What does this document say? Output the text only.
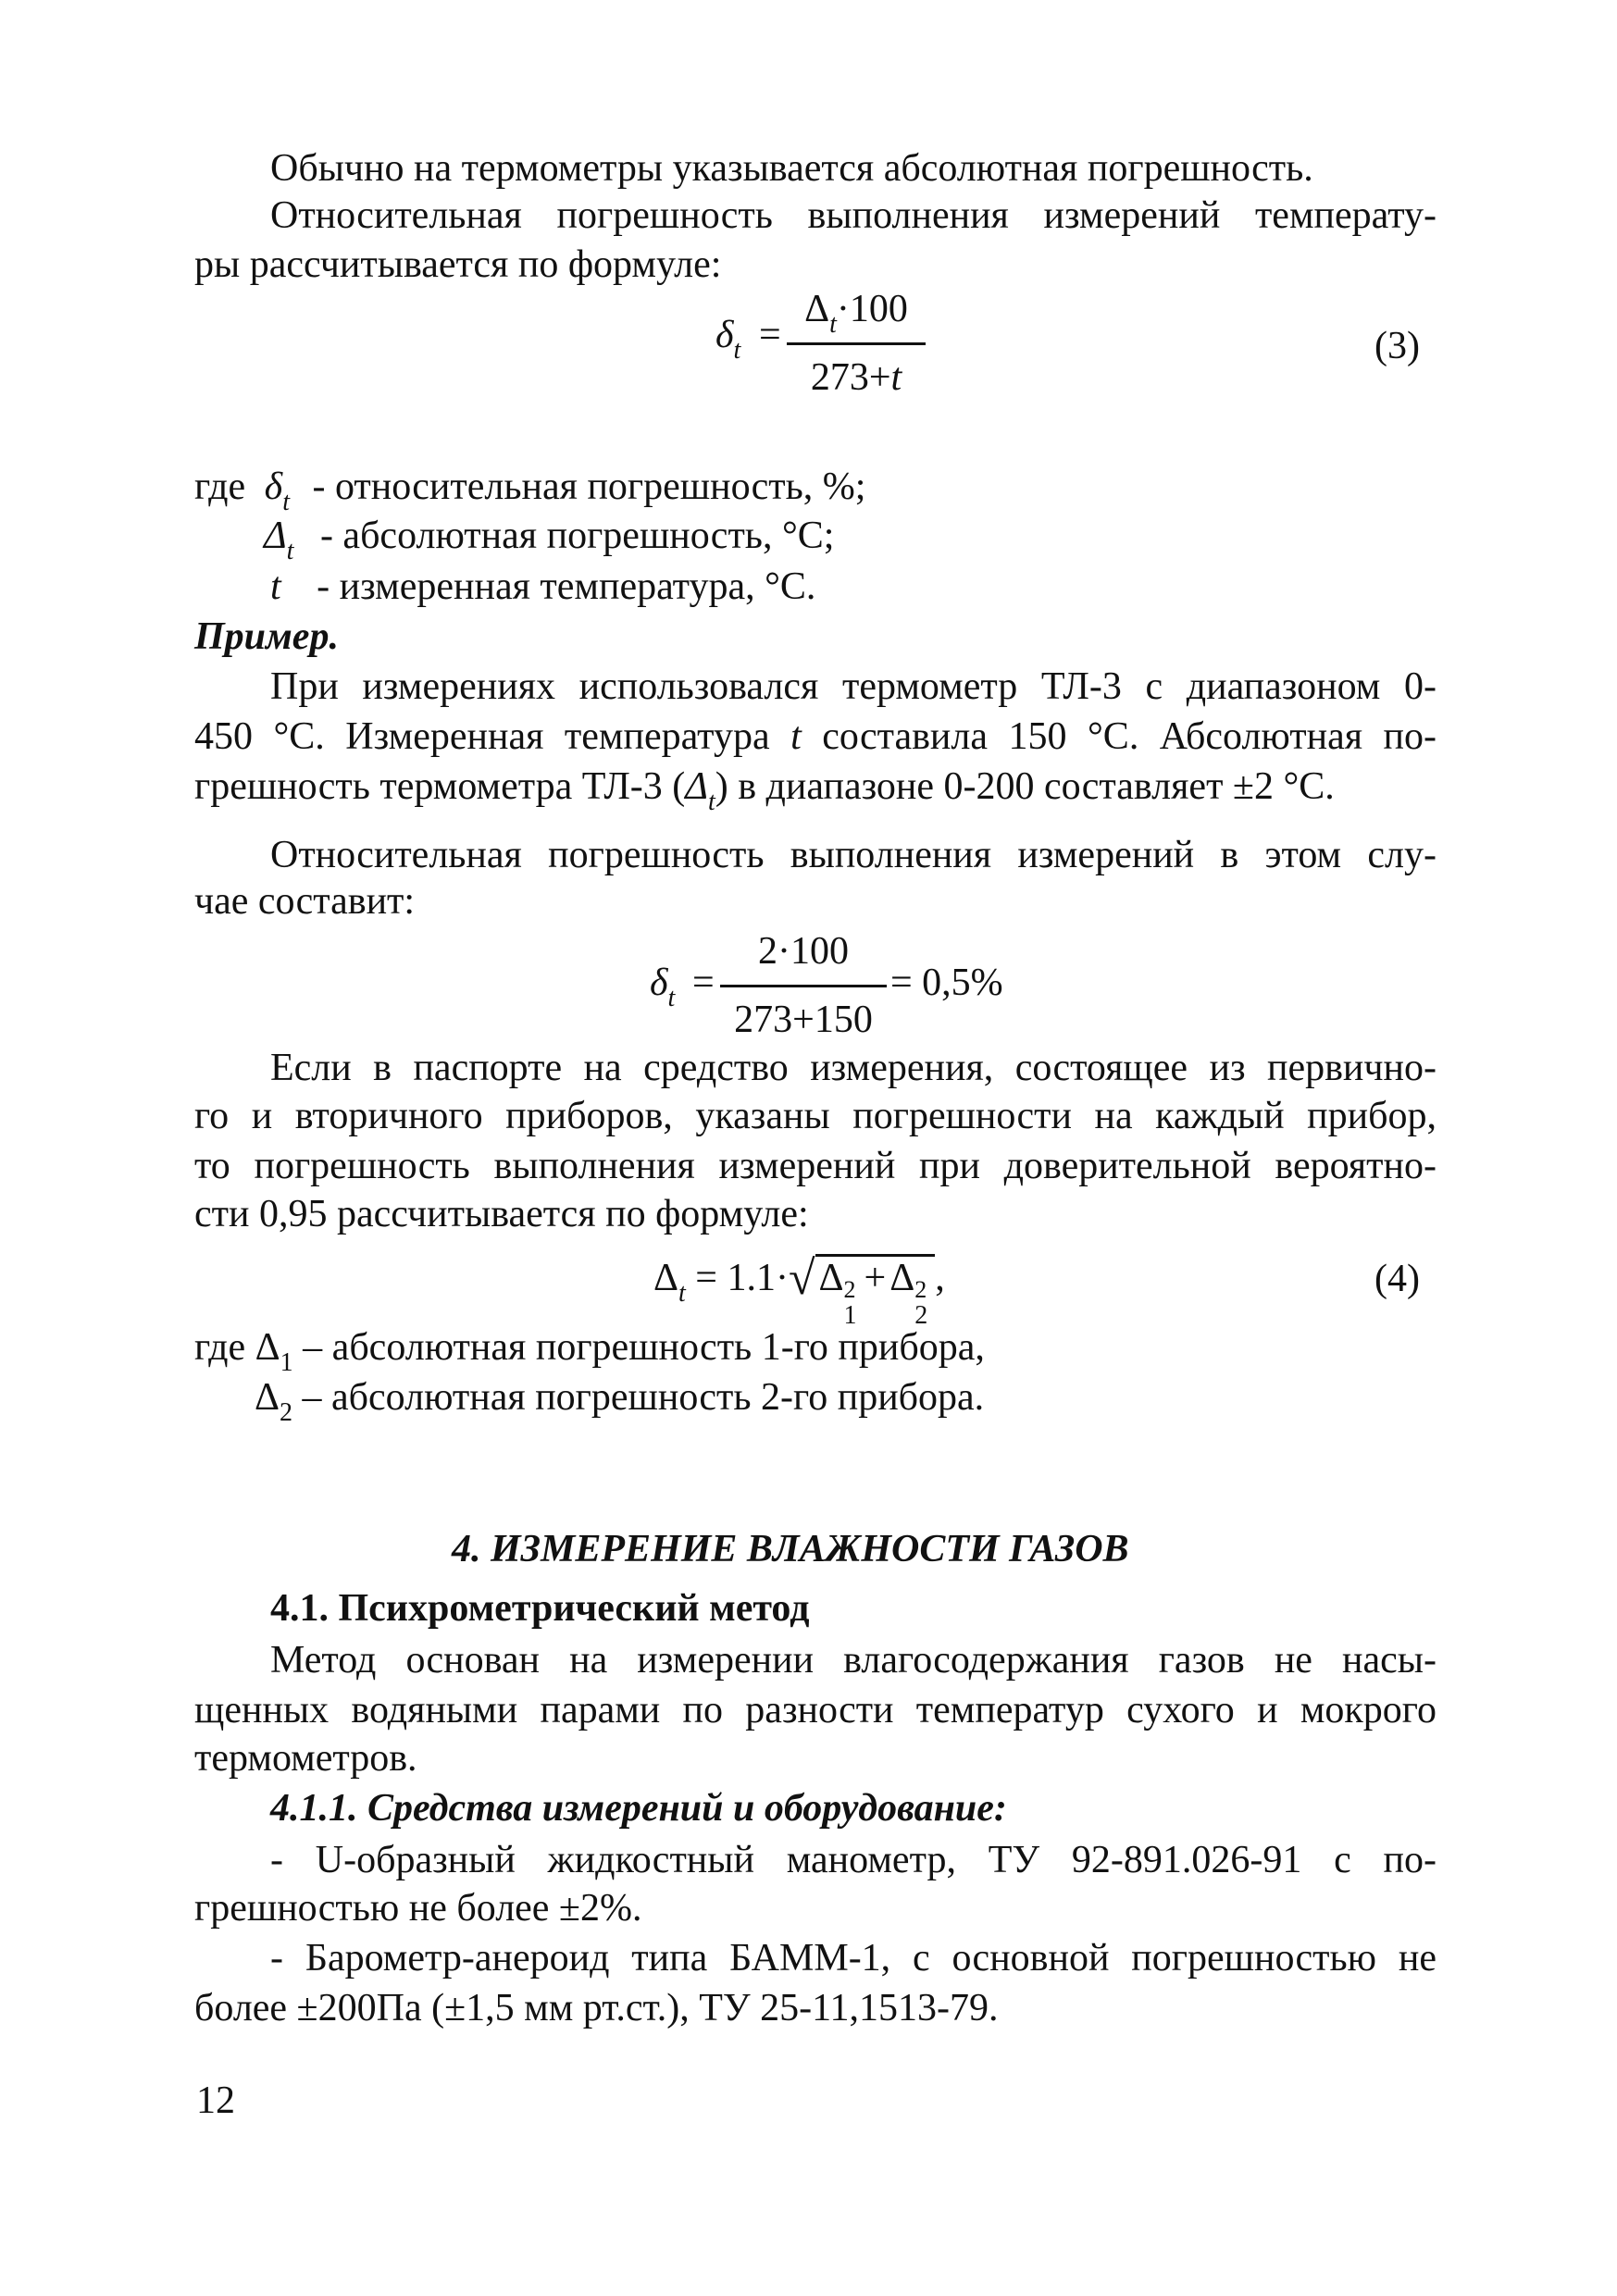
Обычно на термометры указывается абсолютная погрешность.
Относительная погрешность выполнения измерений температу-
ры рассчитывается по формуле:
$\delta_t$ =
$\Delta_t\cdot 100$
273+t
(3)
где $\delta_t$ - относительная погрешность, %;
$\Delta_t$ - абсолютная погрешность, °С;
t - измеренная температура, °С.
Пример.
При измерениях использовался термометр ТЛ-3 с диапазоном 0-
450 °С. Измеренная температура t составила 150 °С. Абсолютная по-
грешность термометра ТЛ-3 $(\Delta_t)$ в диапазоне 0-200 составляет ±2 °С.
Относительная погрешность выполнения измерений в этом слу-
чае составит:
$\delta_t$ =
2·100
273+150
= 0,5%
Если в паспорте на средство измерения, состоящее из первично-
го и вторичного приборов, указаны погрешности на каждый прибор,
то погрешность выполнения измерений при доверительной вероятно-
сти 0,95 рассчитывается по формуле:
$\Delta_t = 1.1\cdot√\Delta$ 2
1
+Δ 2
2
,	(4)
где $\Delta_1$ – абсолютная погрешность 1-го прибора,
$\Delta_2$ – абсолютная погрешность 2-го прибора.
4. ИЗМЕРЕНИЕ ВЛАЖНОСТИ ГАЗОВ
4.1. Психрометрический метод
Метод основан на измерении влагосодержания газов не насы-
щенных водяными парами по разности температур сухого и мокрого
термометров.
4.1.1. Средства измерений и оборудование:
- U-образный жидкостный манометр, ТУ 92-891.026-91 с по-
грешностью не более ±2%.
- Барометр-анероид типа БАММ-1, с основной погрешностью не
более ±200Па (±1,5 мм рт.ст.), ТУ 25-11,1513-79.
12
